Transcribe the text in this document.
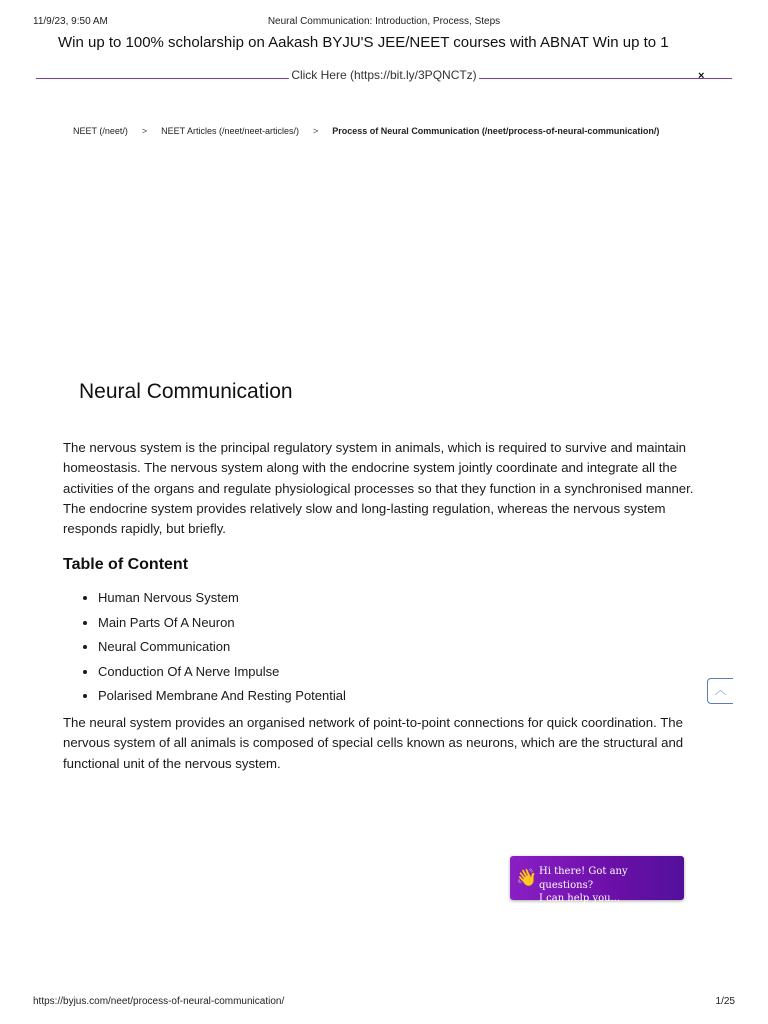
11/9/23, 9:50 AM	Neural Communication: Introduction, Process, Steps
Win up to 100% scholarship on Aakash BYJU'S JEE/NEET courses with ABNAT Win up to 1
Click Here (https://bit.ly/3PQNCTz)	×
NEET (/neet/) > NEET Articles (/neet/neet-articles/) > Process of Neural Communication (/neet/process-of-neural-communication/)
Neural Communication

The nervous system is the principal regulatory system in animals, which is required to survive and maintain homeostasis. The nervous system along with the endocrine system jointly coordinate and integrate all the activities of the organs and regulate physiological processes so that they function in a synchronised manner. The endocrine system provides relatively slow and long-lasting regulation, whereas the nervous system responds rapidly, but briefly.

Table of Content
• Human Nervous System
• Main Parts Of A Neuron
• Neural Communication
• Conduction Of A Nerve Impulse
• Polarised Membrane And Resting Potential

The neural system provides an organised network of point-to-point connections for quick coordination. The nervous system of all animals is composed of special cells known as neurons, which are the structural and functional unit of the nervous system.

︿
👋 Hi there! Got any questions?
I can help you...
https://byjus.com/neet/process-of-neural-communication/	1/25
